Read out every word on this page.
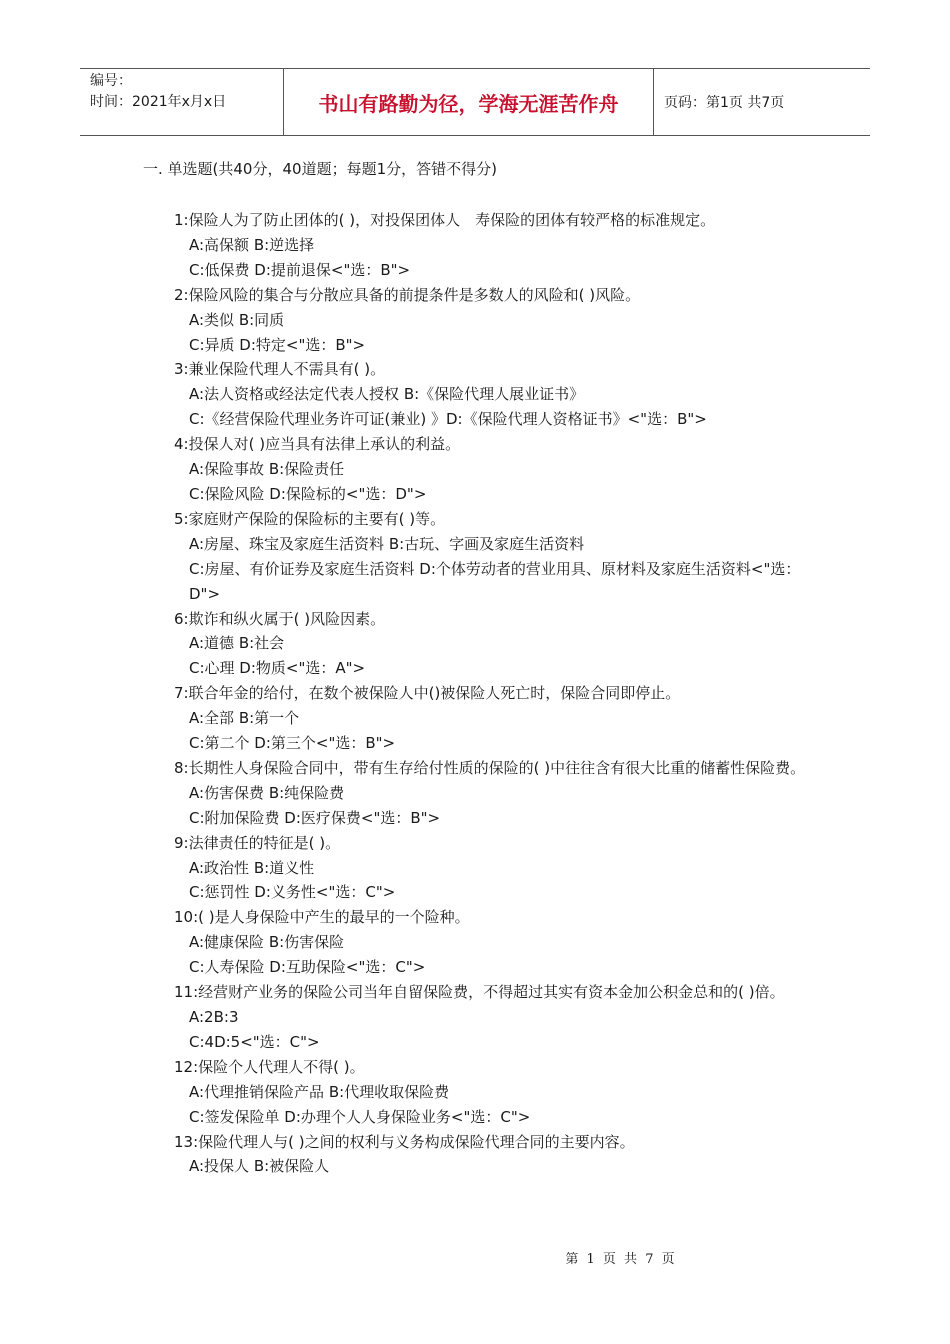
编号：
时间：2021年x月x日	书山有路勤为径，学海无涯苦作舟	页码：第1页 共7页
一. 单选题(共40分，40道题；每题1分，答错不得分)
1:保险人为了防止团体的( )，对投保团体人　寿保险的团体有较严格的标准规定。
A:高保额 B:逆选择
C:低保费 D:提前退保<"选：B">
2:保险风险的集合与分散应具备的前提条件是多数人的风险和( )风险。
A:类似 B:同质
C:异质 D:特定<"选：B">
3:兼业保险代理人不需具有( )。
A:法人资格或经法定代表人授权 B:《保险代理人展业证书》
C:《经营保险代理业务许可证(兼业) 》D:《保险代理人资格证书》<"选：B">
4:投保人对( )应当具有法律上承认的利益。
A:保险事故 B:保险责任
C:保险风险 D:保险标的<"选：D">
5:家庭财产保险的保险标的主要有( )等。
A:房屋、珠宝及家庭生活资料 B:古玩、字画及家庭生活资料
C:房屋、有价证券及家庭生活资料 D:个体劳动者的营业用具、原材料及家庭生活资料<"选：D">
6:欺诈和纵火属于( )风险因素。
A:道德 B:社会
C:心理 D:物质<"选：A">
7:联合年金的给付，在数个被保险人中()被保险人死亡时，保险合同即停止。
A:全部 B:第一个
C:第二个 D:第三个<"选：B">
8:长期性人身保险合同中，带有生存给付性质的保险的( )中往往含有很大比重的储蓄性保险费。
A:伤害保费 B:纯保险费
C:附加保险费 D:医疗保费<"选：B">
9:法律责任的特征是( )。
A:政治性 B:道义性
C:惩罚性 D:义务性<"选：C">
10:( )是人身保险中产生的最早的一个险种。
A:健康保险 B:伤害保险
C:人寿保险 D:互助保险<"选：C">
11:经营财产业务的保险公司当年自留保险费，不得超过其实有资本金加公积金总和的( )倍。
A:2B:3
C:4D:5<"选：C">
12:保险个人代理人不得( )。
A:代理推销保险产品 B:代理收取保险费
C:签发保险单 D:办理个人人身保险业务<"选：C">
13:保险代理人与( )之间的权利与义务构成保险代理合同的主要内容。
A:投保人 B:被保险人
第 1 页 共 7 页
